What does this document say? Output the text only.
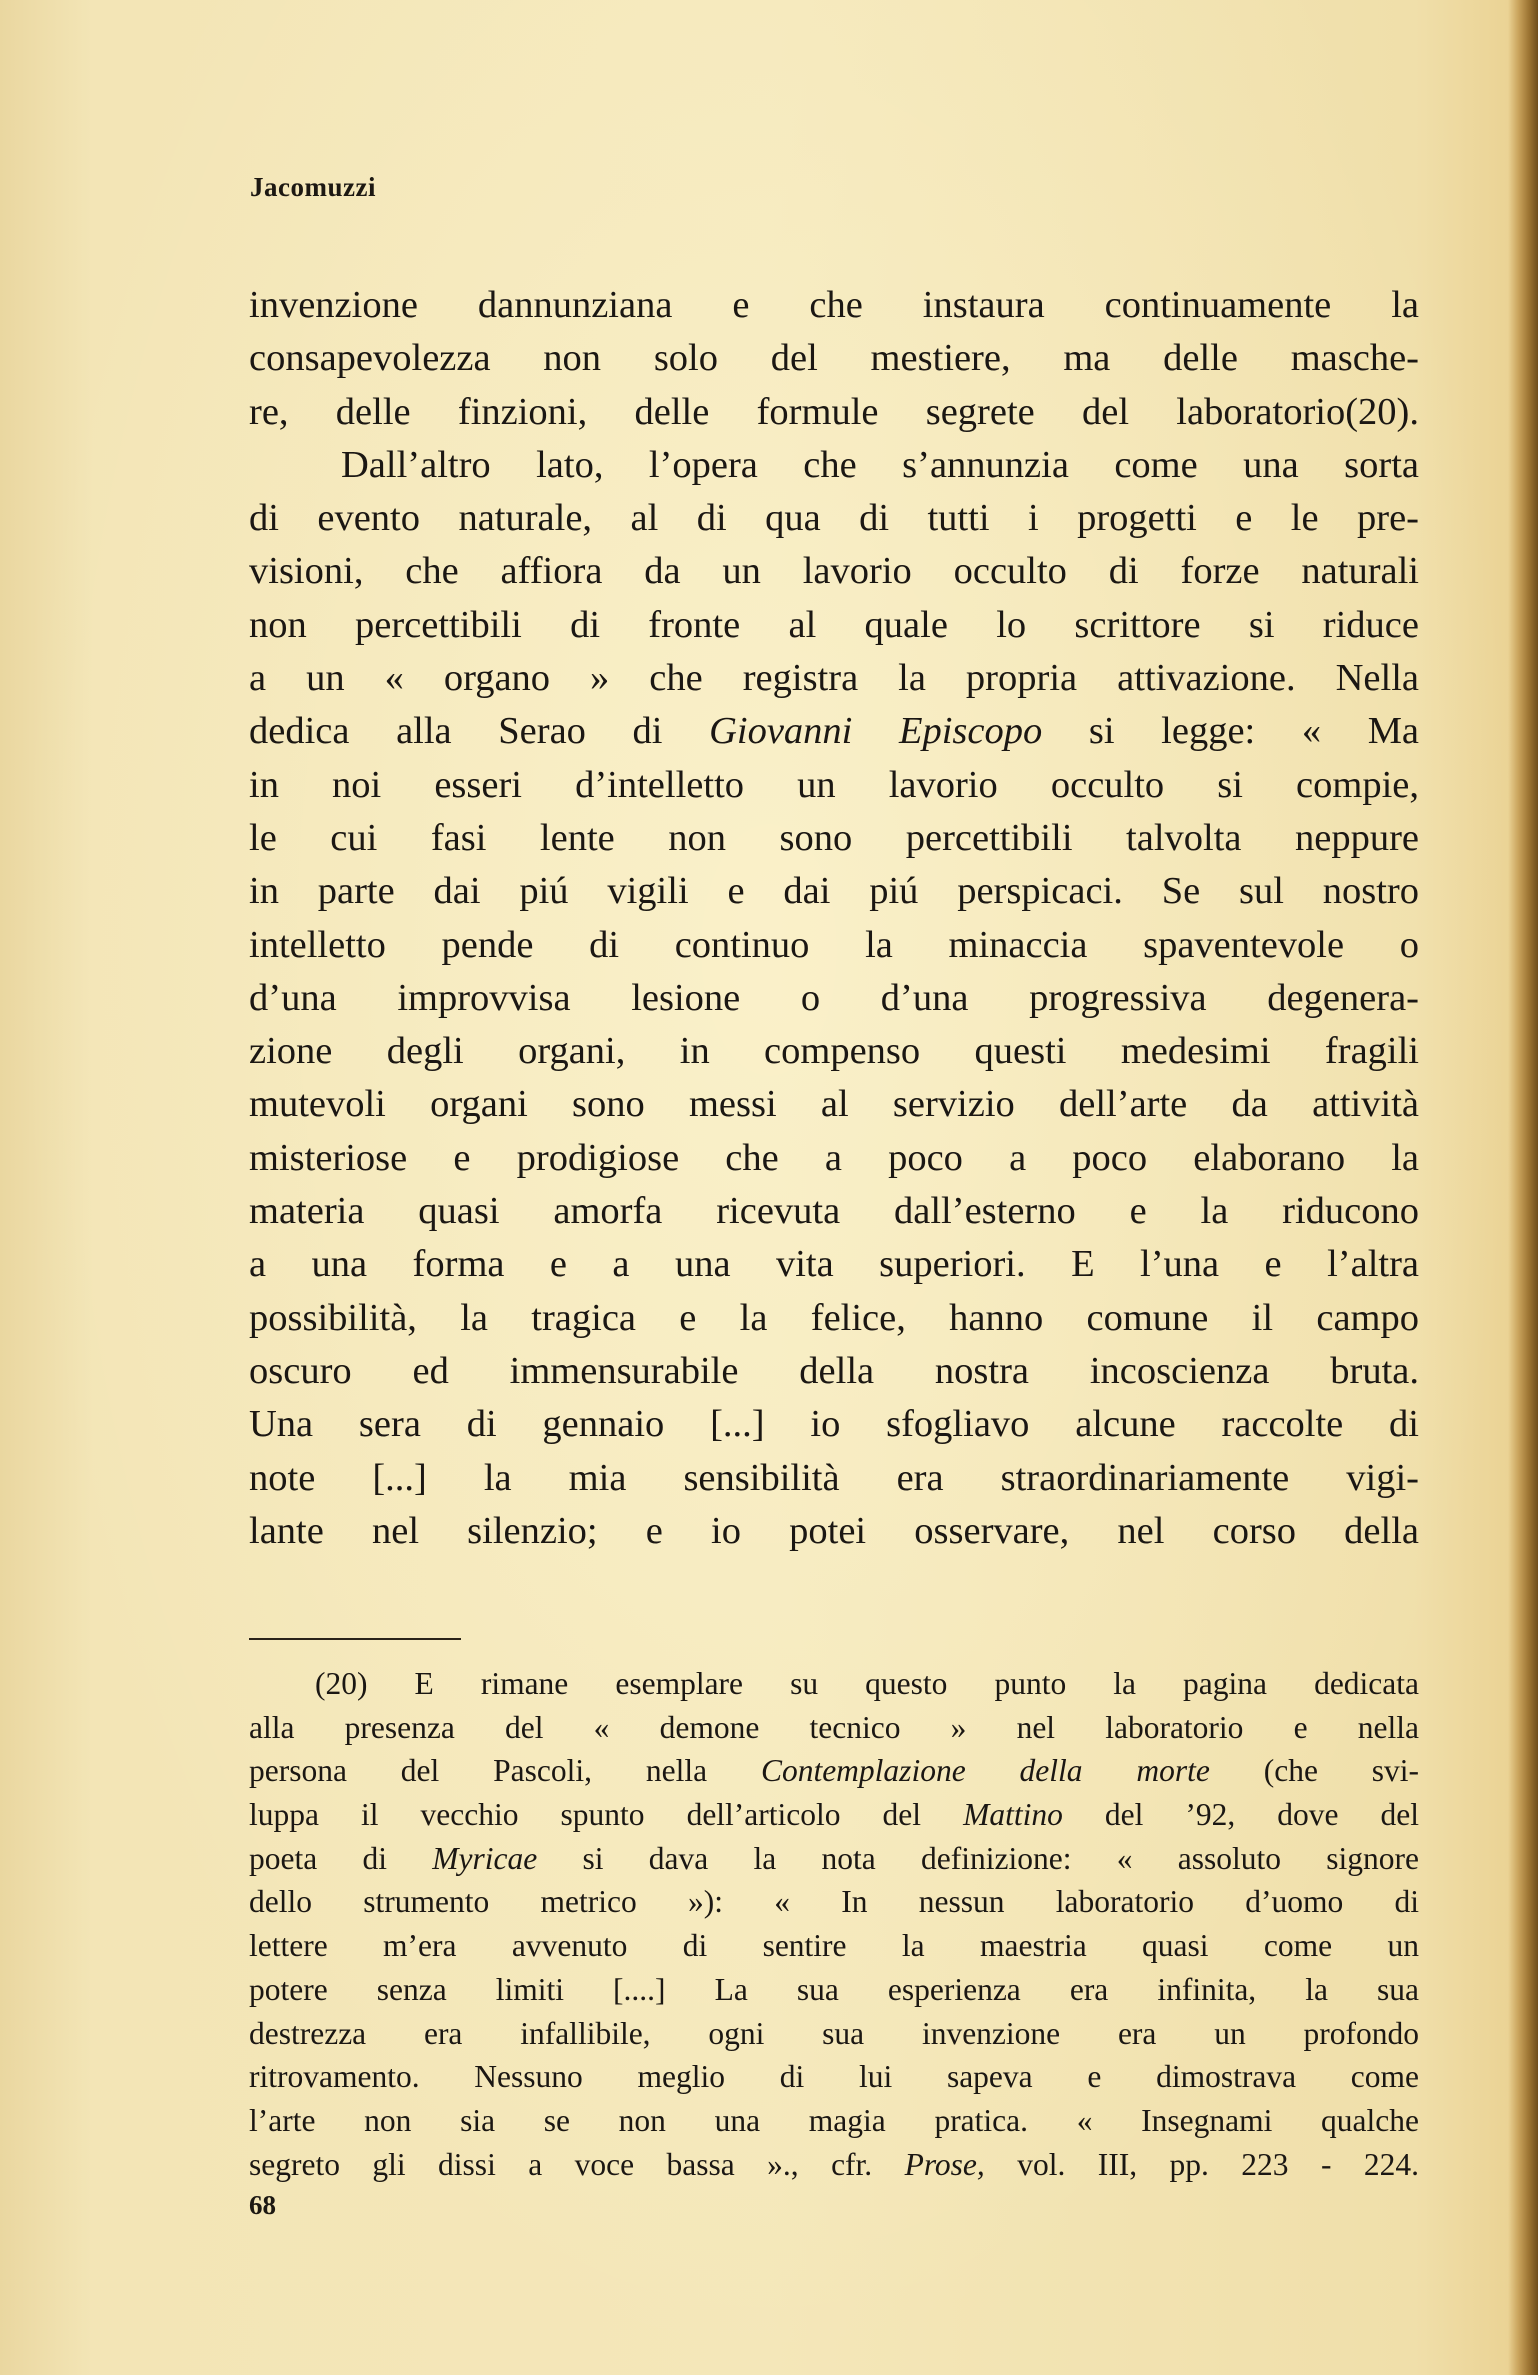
Jacomuzzi
invenzione dannunziana e che instaura continuamente la
consapevolezza non solo del mestiere, ma delle masche-
re, delle finzioni, delle formule segrete del laboratorio(20).
Dall’altro lato, l’opera che s’annunzia come una sorta
di evento naturale, al di qua di tutti i progetti e le pre-
visioni, che affiora da un lavorio occulto di forze naturali
non percettibili di fronte al quale lo scrittore si riduce
a un « organo » che registra la propria attivazione. Nella
dedica alla Serao di Giovanni Episcopo si legge: « Ma
in noi esseri d’intelletto un lavorio occulto si compie,
le cui fasi lente non sono percettibili talvolta neppure
in parte dai piú vigili e dai piú perspicaci. Se sul nostro
intelletto pende di continuo la minaccia spaventevole o
d’una improvvisa lesione o d’una progressiva degenera-
zione degli organi, in compenso questi medesimi fragili
mutevoli organi sono messi al servizio dell’arte da attività
misteriose e prodigiose che a poco a poco elaborano la
materia quasi amorfa ricevuta dall’esterno e la riducono
a una forma e a una vita superiori. E l’una e l’altra
possibilità, la tragica e la felice, hanno comune il campo
oscuro ed immensurabile della nostra incoscienza bruta.
Una sera di gennaio [...] io sfogliavo alcune raccolte di
note [...] la mia sensibilità era straordinariamente vigi-
lante nel silenzio; e io potei osservare, nel corso della
(20) E rimane esemplare su questo punto la pagina dedicata
alla presenza del « demone tecnico » nel laboratorio e nella
persona del Pascoli, nella Contemplazione della morte (che svi-
luppa il vecchio spunto dell’articolo del Mattino del ’92, dove del
poeta di Myricae si dava la nota definizione: « assoluto signore
dello strumento metrico »): « In nessun laboratorio d’uomo di
lettere m’era avvenuto di sentire la maestria quasi come un
potere senza limiti [....] La sua esperienza era infinita, la sua
destrezza era infallibile, ogni sua invenzione era un profondo
ritrovamento. Nessuno meglio di lui sapeva e dimostrava come
l’arte non sia se non una magia pratica. « Insegnami qualche
segreto gli dissi a voce bassa »., cfr. Prose, vol. III, pp. 223 - 224.
68
